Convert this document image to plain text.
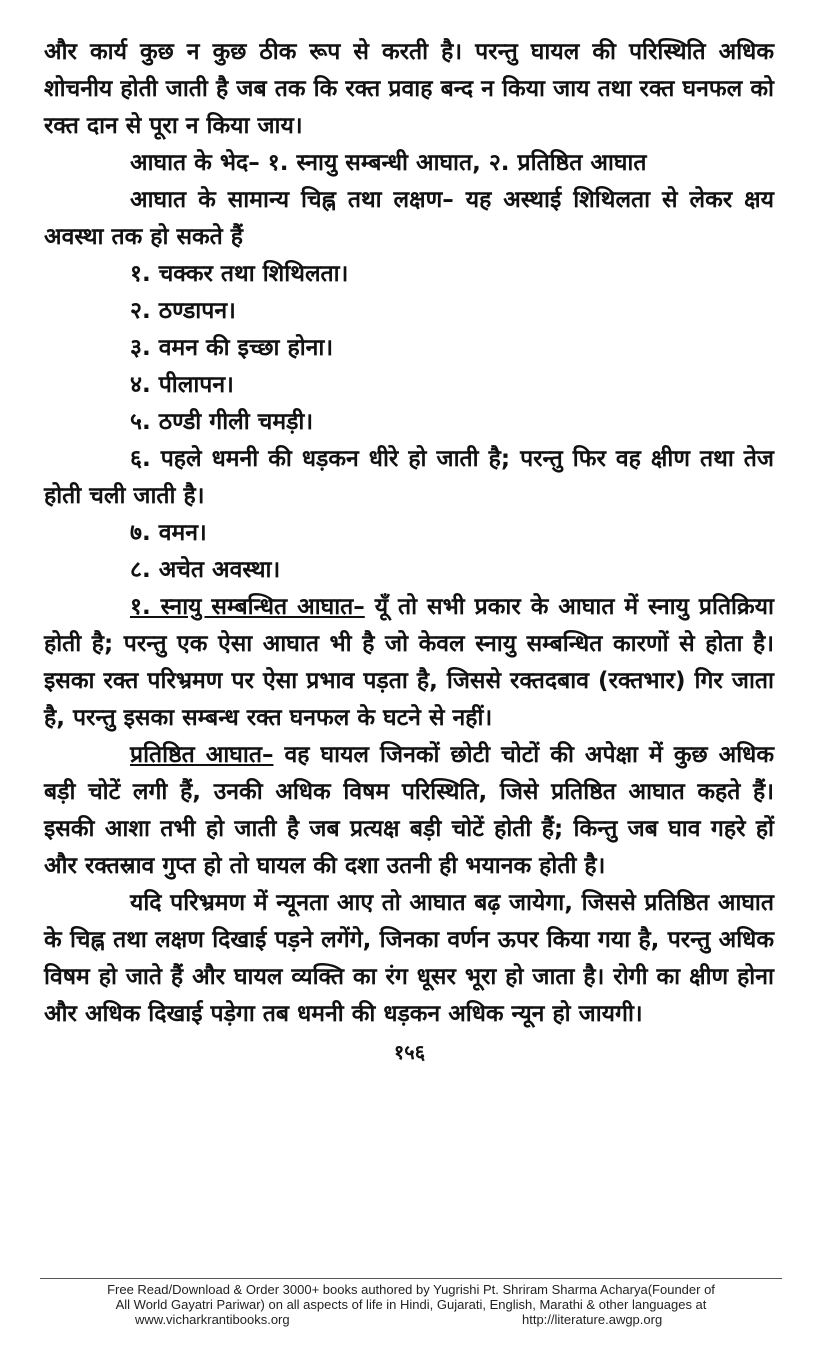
और कार्य कुछ न कुछ ठीक रूप से करती है। परन्तु घायल की परिस्थिति अधिक शोचनीय होती जाती है जब तक कि रक्त प्रवाह बन्द न किया जाय तथा रक्त घनफल को रक्त दान से पूरा न किया जाय।

आघात के भेद– १. स्नायु सम्बन्धी आघात, २. प्रतिष्ठित आघात

आघात के सामान्य चिह्न तथा लक्षण– यह अस्थाई शिथिलता से लेकर क्षय अवस्था तक हो सकते हैं

१. चक्कर तथा शिथिलता।

२. ठण्डापन।

३. वमन की इच्छा होना।

४. पीलापन।

५. ठण्डी गीली चमड़ी।

६. पहले धमनी की धड़कन धीरे हो जाती है; परन्तु फिर वह क्षीण तथा तेज होती चली जाती है।

७. वमन।

८. अचेत अवस्था।

१. स्नायु सम्बन्धित आघात– यूँ तो सभी प्रकार के आघात में स्नायु प्रतिक्रिया होती है; परन्तु एक ऐसा आघात भी है जो केवल स्नायु सम्बन्धित कारणों से होता है। इसका रक्त परिभ्रमण पर ऐसा प्रभाव पड़ता है, जिससे रक्तदबाव (रक्तभार) गिर जाता है, परन्तु इसका सम्बन्ध रक्त घनफल के घटने से नहीं।

प्रतिष्ठित आघात– वह घायल जिनकों छोटी चोटों की अपेक्षा में कुछ अधिक बड़ी चोटें लगी हैं, उनकी अधिक विषम परिस्थिति, जिसे प्रतिष्ठित आघात कहते हैं। इसकी आशा तभी हो जाती है जब प्रत्यक्ष बड़ी चोटें होती हैं; किन्तु जब घाव गहरे हों और रक्तस्राव गुप्त हो तो घायल की दशा उतनी ही भयानक होती है।

यदि परिभ्रमण में न्यूनता आए तो आघात बढ़ जायेगा, जिससे प्रतिष्ठित आघात के चिह्न तथा लक्षण दिखाई पड़ने लगेंगे, जिनका वर्णन ऊपर किया गया है, परन्तु अधिक विषम हो जाते हैं और घायल व्यक्ति का रंग धूसर भूरा हो जाता है। रोगी का क्षीण होना और अधिक दिखाई पड़ेगा तब धमनी की धड़कन अधिक न्यून हो जायगी।

१५६
Free Read/Download & Order 3000+ books authored by Yugrishi Pt. Shriram Sharma Acharya(Founder of
All World Gayatri Pariwar) on all aspects of life in Hindi, Gujarati, English, Marathi & other languages at
www.vicharkrantibooks.org	http://literature.awgp.org
